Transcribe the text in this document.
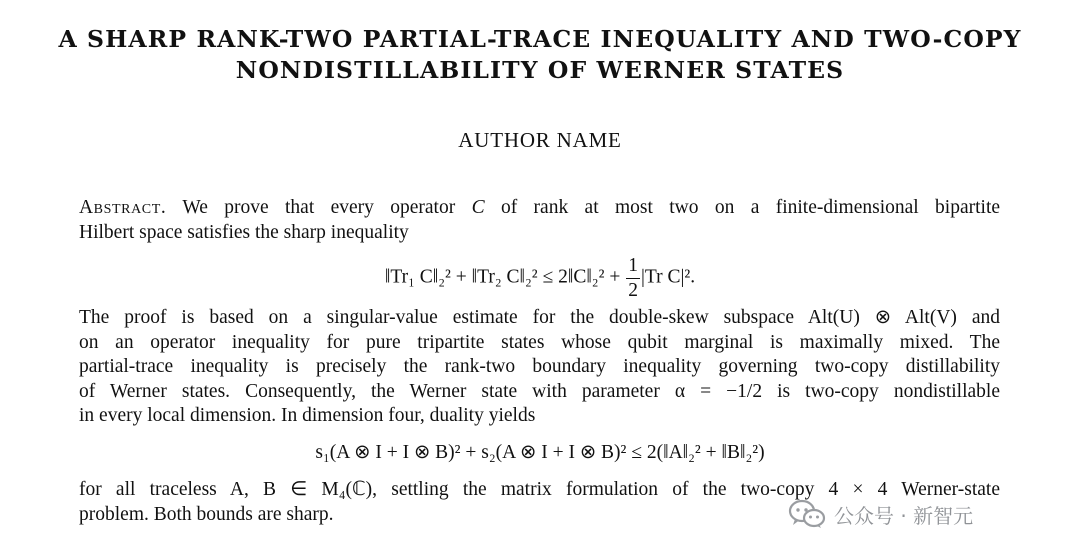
A SHARP RANK-TWO PARTIAL-TRACE INEQUALITY AND TWO-COPY
NONDISTILLABILITY OF WERNER STATES
AUTHOR NAME
Abstract. We prove that every operator C of rank at most two on a finite-dimensional bipartite
Hilbert space satisfies the sharp inequality
‖Tr₁ C‖₂² + ‖Tr₂ C‖₂² ≤ 2‖C‖₂² + $\frac{1}{2} |Tr$ C|².
The proof is based on a singular-value estimate for the double-skew subspace Alt(U) ⊗ Alt(V) and
on an operator inequality for pure tripartite states whose qubit marginal is maximally mixed. The
partial-trace inequality is precisely the rank-two boundary inequality governing two-copy distillability
of Werner states. Consequently, the Werner state with parameter α = −1/2 is two-copy nondistillable
in every local dimension. In dimension four, duality yields
s₁(A ⊗ I + I ⊗ B)² + s₂(A ⊗ I + I ⊗ B)² ≤ 2(‖A‖₂² + ‖B‖₂²)
for all traceless A, B ∈ M₄(ℂ), settling the matrix formulation of the two-copy 4 × 4 Werner-state
problem. Both bounds are sharp.	公众号 · 新智元
